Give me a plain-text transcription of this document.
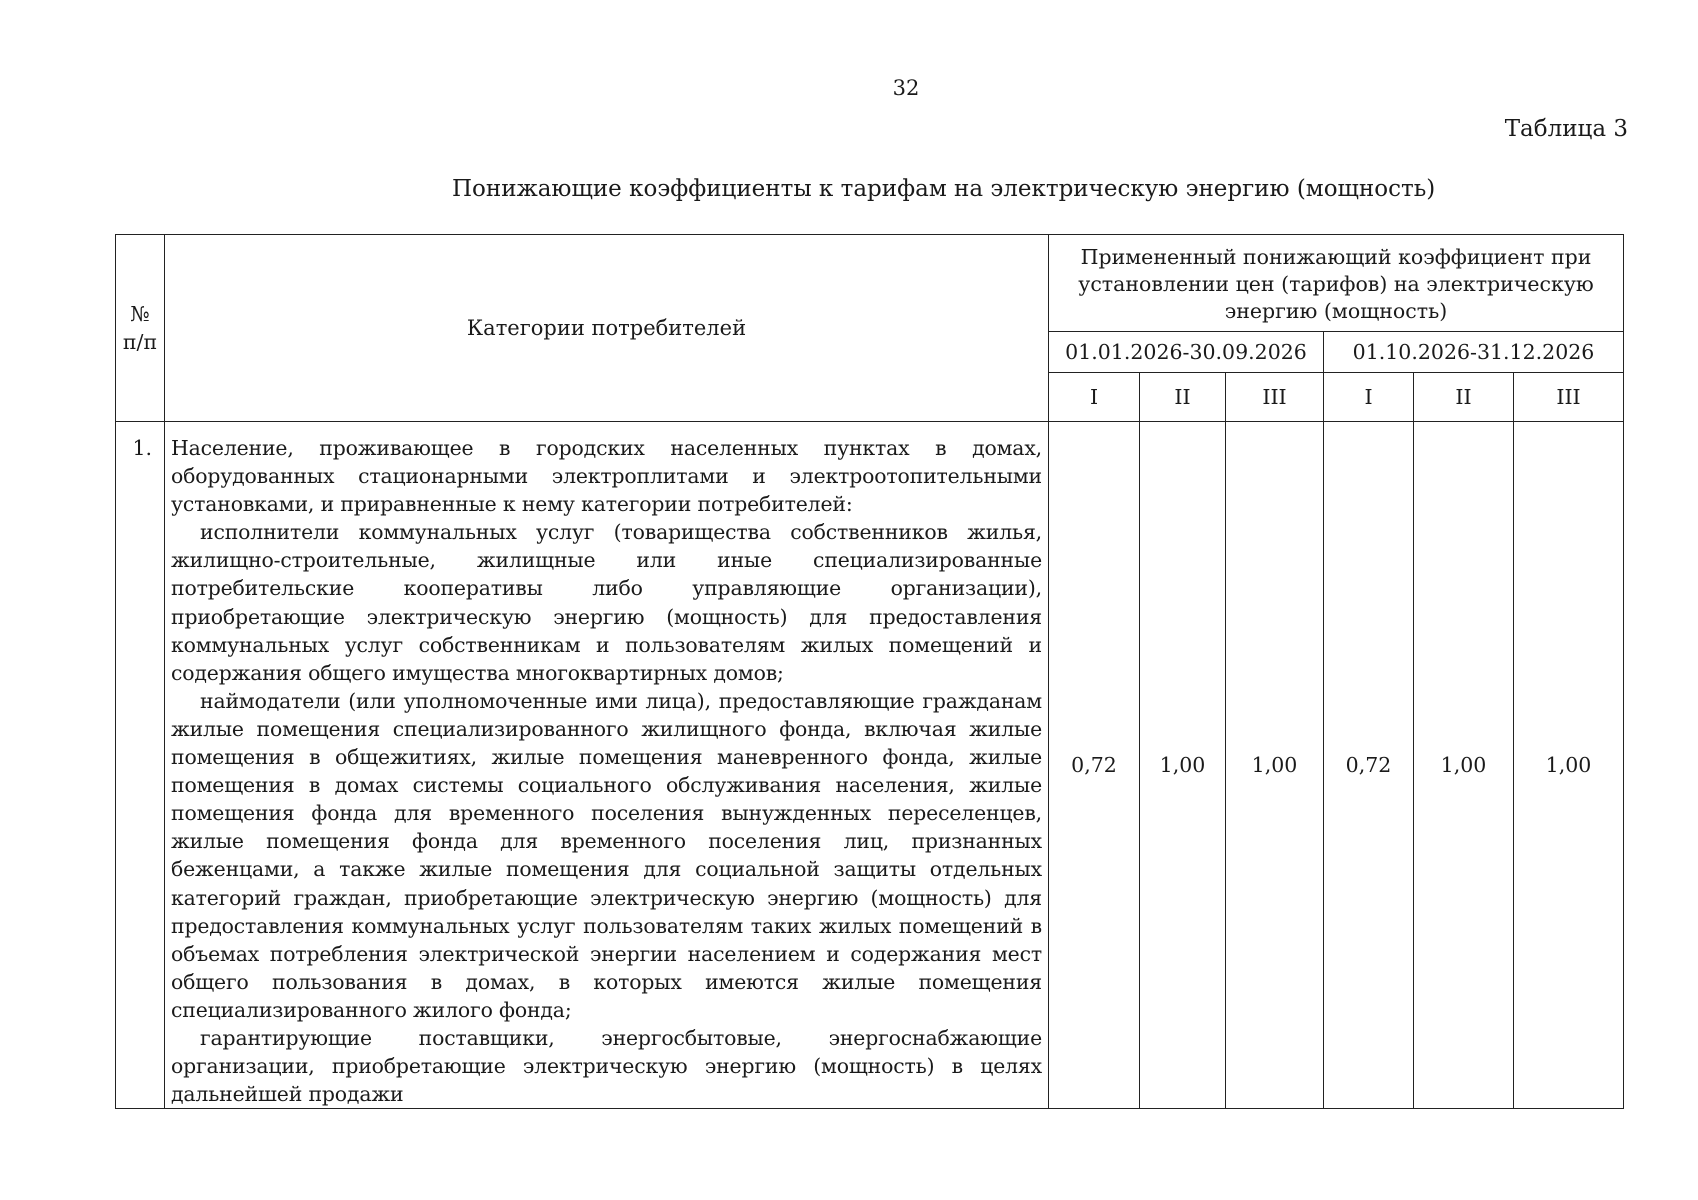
32
Таблица 3
Понижающие коэффициенты к тарифам на электрическую энергию (мощность)
№
п/п	Категории потребителей	Примененный понижающий коэффициент при установлении цен (тарифов) на электрическую энергию (мощность)					
		01.01.2026-30.09.2026			01.10.2026-31.12.2026		
		I	II	III	I	II	III
1.	Население, проживающее в городских населенных пунктах в домах, оборудованных стационарными электроплитами и электроотопительными установками, и приравненные к нему категории потребителей:

исполнители коммунальных услуг (товарищества собственников жилья, жилищно-строительные, жилищные или иные специализированные потребительские кооперативы либо управляющие организации), приобретающие электрическую энергию (мощность) для предоставления коммунальных услуг собственникам и пользователям жилых помещений и содержания общего имущества многоквартирных домов;

наймодатели (или уполномоченные ими лица), предоставляющие гражданам жилые помещения специализированного жилищного фонда, включая жилые помещения в общежитиях, жилые помещения маневренного фонда, жилые помещения в домах системы социального обслуживания населения, жилые помещения фонда для временного поселения вынужденных переселенцев, жилые помещения фонда для временного поселения лиц, признанных беженцами, а также жилые помещения для социальной защиты отдельных категорий граждан, приобретающие электрическую энергию (мощность) для предоставления коммунальных услуг пользователям таких жилых помещений в объемах потребления электрической энергии населением и содержания мест общего пользования в домах, в которых имеются жилые помещения специализированного жилого фонда;

гарантирующие поставщики, энергосбытовые, энергоснабжающие организации, приобретающие электрическую энергию (мощность) в целях дальнейшей продажи	0,72	1,00	1,00	0,72	1,00	1,00
